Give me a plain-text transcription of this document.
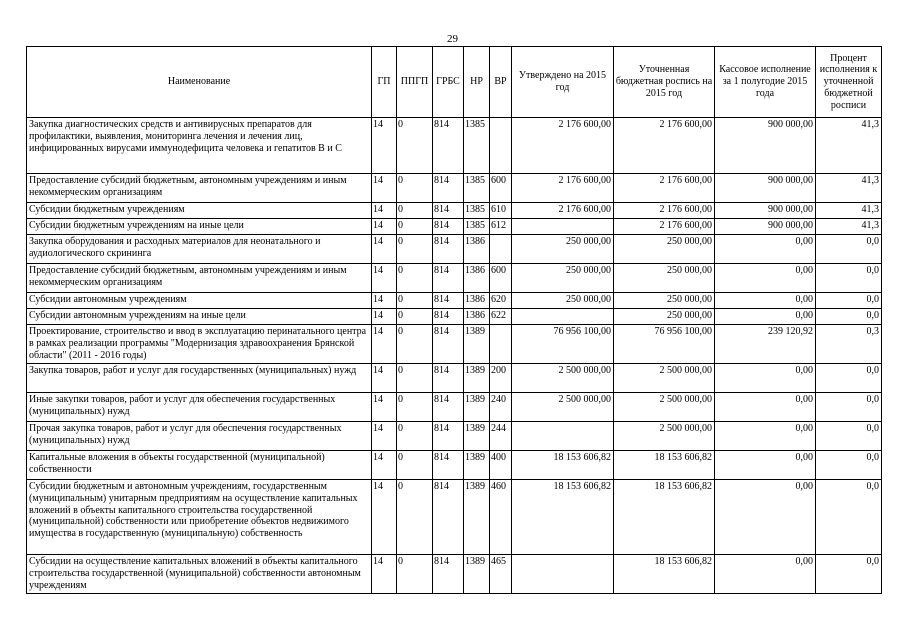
29
Наименование	ГП	ППГП	ГРБС	НР	ВР	Утверждено на 2015 год	Уточненная бюджетная роспись на 2015 год	Кассовое исполнение за 1 полугодие 2015 года	Процент исполнения к уточненной бюджетной росписи
Закупка диагностических средств и антивирусных препаратов для профилактики, выявления, мониторинга лечения и лечения лиц, инфицированных вирусами иммунодефицита человека и гепатитов В и С	14	0	814	1385		2 176 600,00	2 176 600,00	900 000,00	41,3
Предоставление субсидий бюджетным, автономным учреждениям и иным некоммерческим организациям	14	0	814	1385	600	2 176 600,00	2 176 600,00	900 000,00	41,3
Субсидии бюджетным учреждениям	14	0	814	1385	610	2 176 600,00	2 176 600,00	900 000,00	41,3
Субсидии бюджетным учреждениям на иные цели	14	0	814	1385	612		2 176 600,00	900 000,00	41,3
Закупка оборудования и расходных материалов для неонатального и аудиологического скрининга	14	0	814	1386		250 000,00	250 000,00	0,00	0,0
Предоставление субсидий бюджетным, автономным учреждениям и иным некоммерческим организациям	14	0	814	1386	600	250 000,00	250 000,00	0,00	0,0
Субсидии автономным учреждениям	14	0	814	1386	620	250 000,00	250 000,00	0,00	0,0
Субсидии автономным учреждениям на иные цели	14	0	814	1386	622		250 000,00	0,00	0,0
Проектирование, строительство и ввод в эксплуатацию перинатального центра в рамках реализации программы "Модернизация здравоохранения Брянской области" (2011 - 2016 годы)	14	0	814	1389		76 956 100,00	76 956 100,00	239 120,92	0,3
Закупка товаров, работ и услуг для государственных (муниципальных) нужд	14	0	814	1389	200	2 500 000,00	2 500 000,00	0,00	0,0
Иные закупки товаров, работ и услуг для обеспечения государственных (муниципальных) нужд	14	0	814	1389	240	2 500 000,00	2 500 000,00	0,00	0,0
Прочая закупка товаров, работ и услуг для обеспечения государственных (муниципальных) нужд	14	0	814	1389	244		2 500 000,00	0,00	0,0
Капитальные вложения в объекты государственной (муниципальной) собственности	14	0	814	1389	400	18 153 606,82	18 153 606,82	0,00	0,0
Субсидии бюджетным и автономным учреждениям, государственным (муниципальным) унитарным предприятиям на осуществление капитальных вложений в объекты капитального строительства государственной (муниципальной) собственности или приобретение объектов недвижимого имущества в государственную (муниципальную) собственность	14	0	814	1389	460	18 153 606,82	18 153 606,82	0,00	0,0
Субсидии на осуществление капитальных вложений в объекты капитального строительства государственной (муниципальной) собственности автономным учреждениям	14	0	814	1389	465		18 153 606,82	0,00	0,0
